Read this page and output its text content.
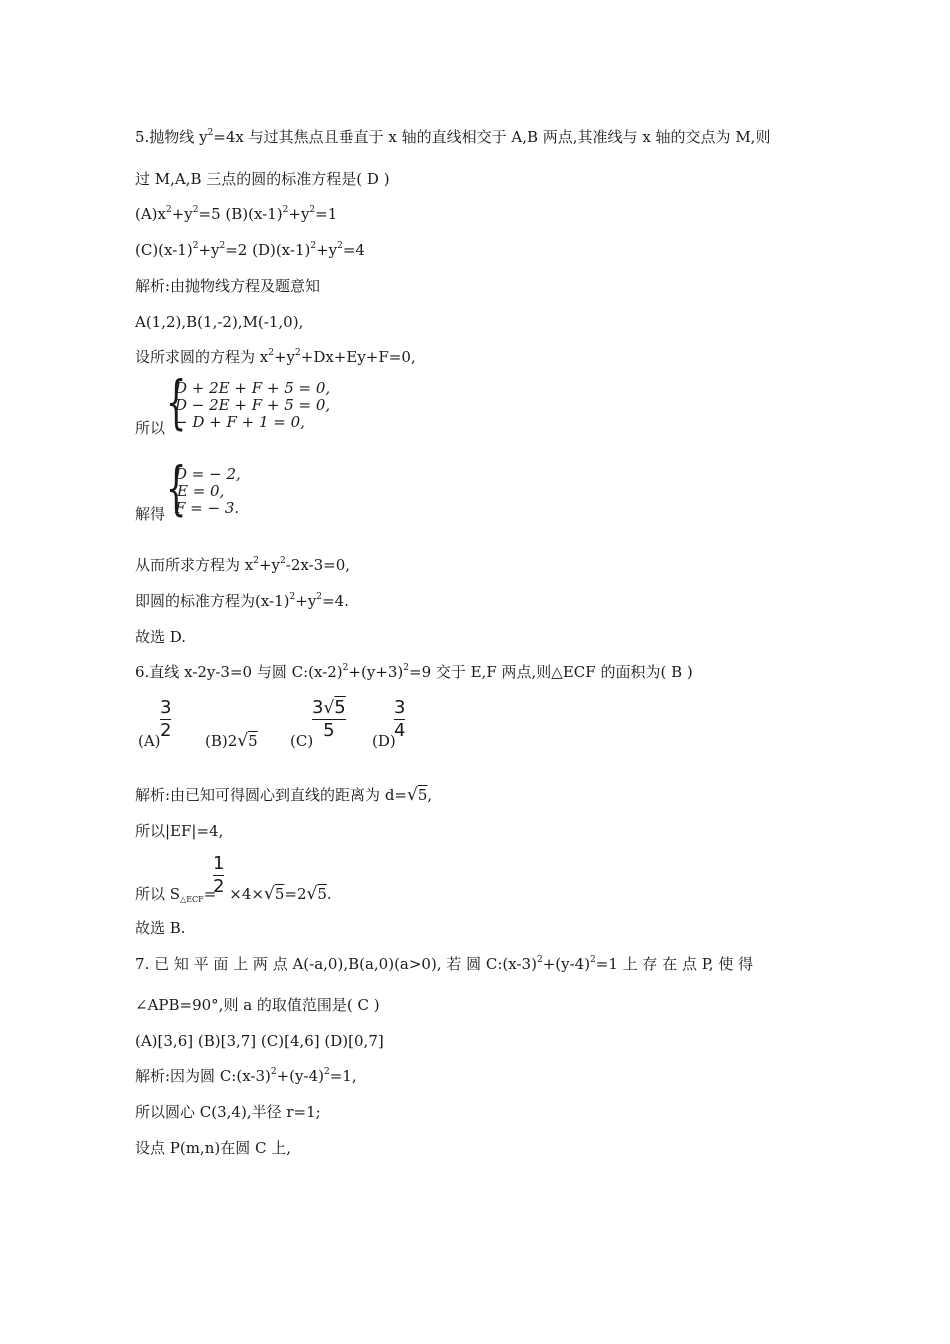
5.抛物线 $y^2=4x$ 与过其焦点且垂直于 x 轴的直线相交于 A,B 两点,其准线与 x 轴的交点为 M,则
过 M,A,B 三点的圆的标准方程是( D )
$(A)x^2+y^2=5$ $(B)(x-1)^2+y^2=1$
$(C)(x-1)^2+y^2=2$ $(D)(x-1)^2+y^2=4$
解析:由抛物线方程及题意知
A(1,2),B(1,-2),M(-1,0),
设所求圆的方程为 $x^2+y^2+Dx+Ey+F=0$,
所以 {
D + 2E + F + 5 = 0,
D − 2E + F + 5 = 0,
− D + F + 1 = 0,
解得 {
D = − 2,
E = 0,
F = − 3.
从而所求方程为 $x^2+y^2-2x-3=0$,
即圆的标准方程为$(x-1)^2+y^2=4$.
故选 D.
6.直线 x-2y-3=0 与圆 $C:(x-2)^2+(y+3)^2=9$ 交于 E,F 两点,则△ECF 的面积为( B )
(A)
3
2 (B)2√5 (C)
3√5
5 (D)
3
4
解析:由已知可得圆心到直线的距离为 d=√5,
所以|EF|=4,
所以 $S_{\triangle ECF}= \times 4\times√5=2√5$.
1
2
故选 B.
7. 已 知 平 面 上 两 点 A(-a,0),B(a,0)(a>0), 若 圆 $C:(x-3)^2+(y-4)^2=1$ 上 存 在 点 P, 使 得
∠APB=90°,则 a 的取值范围是( C )
(A)[3,6] (B)[3,7] (C)[4,6] (D)[0,7]
解析:因为圆 $C:(x-3)^2+(y-4)^2=1$,
所以圆心 C(3,4),半径 r=1;
设点 P(m,n)在圆 C 上,
